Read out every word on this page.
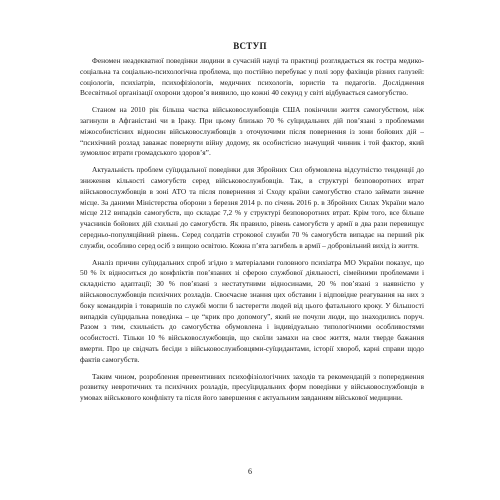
ВСТУП

Феномен неадекватної поведінки людини в сучасній науці та практиці розглядається як гостра медико-соціальна та соціально-психологічна проблема, що постійно перебуває у полі зору фахівців різних галузей: соціологів, психіатрів, психофізіологів, медичних психологів, юристів та педагогів. Дослідження Всесвітньої організації охорони здоров’я виявило, що кожні 40 секунд у світі відбувається самогубство.

Станом на 2010 рік більша частка військовослужбовців США покінчили життя самогубством, ніж загинули в Афганістані чи в Іраку. При цьому близько 70 % суїцидальних дій пов’язані з проблемами міжособистісних відносин військовослужбовців з оточуючими після повернення із зони бойових дій – “психічний розлад заважає повернути війну додому, як особистісно значущий чинник і той фактор, який зумовлює втрати громадського здоров’я”.

Актуальність проблем суїцидальної поведінки для Збройних Сил обумовлена відсутністю тенденції до зниження кількості самогубств серед військовослужбовців. Так, в структурі безповоротних втрат військовослужбовців в зоні АТО та після повернення зі Сходу країни самогубство стало займати значне місце. За даними Міністерства оборони з березня 2014 р. по січень 2016 р. в Збройних Силах України мало місце 212 випадків самогубств, що складає 7,2 % у структурі безповоротних втрат. Крім того, все більше учасників бойових дій схильні до самогубств. Як правило, рівень самогубств у армії в два рази перевищує середньо-популяційний рівень. Серед солдатів строкової служби 70 % самогубств випадає на перший рік служби, особливо серед осіб з вищою освітою. Кожна п’ята загибель в армії – добровільний вихід із життя.

Аналіз причин суїцидальних спроб згідно з матеріалами головного психіатра МО України показує, що 50 % їх відноситься до конфліктів пов’язаних зі сферою службової діяльності, сімейними проблемами і складністю адаптації; 30 % пов’язані з нестатутними відносинами, 20 % пов’язані з наявністю у військовослужбовців психічних розладів. Своєчасне знання цих обставин і відповідне реагування на них з боку командирів і товаришів по службі могли б застерегти людей від цього фатального кроку. У більшості випадків суїцидальна поведінка – це “крик про допомогу”, який не почули люди, що знаходились поруч. Разом з тим, схильність до самогубства обумовлена і індивідуально типологічними особливостями особистості. Тільки 10 % військовослужбовців, що скоїли замахи на своє життя, мали тверде бажання вмерти. Про це свідчать бесіди з військовослужбовцями-суїцидантами, історії хвороб, карні справи щодо фактів самогубств.

Таким чином, розроблення превентивних психофізіологічних заходів та рекомендацій з попередження розвитку невротичних та психічних розладів, пресуїцидальних форм поведінки у військовослужбовців в умовах військового конфлікту та після його завершення є актуальним завданням військової медицини.

6
